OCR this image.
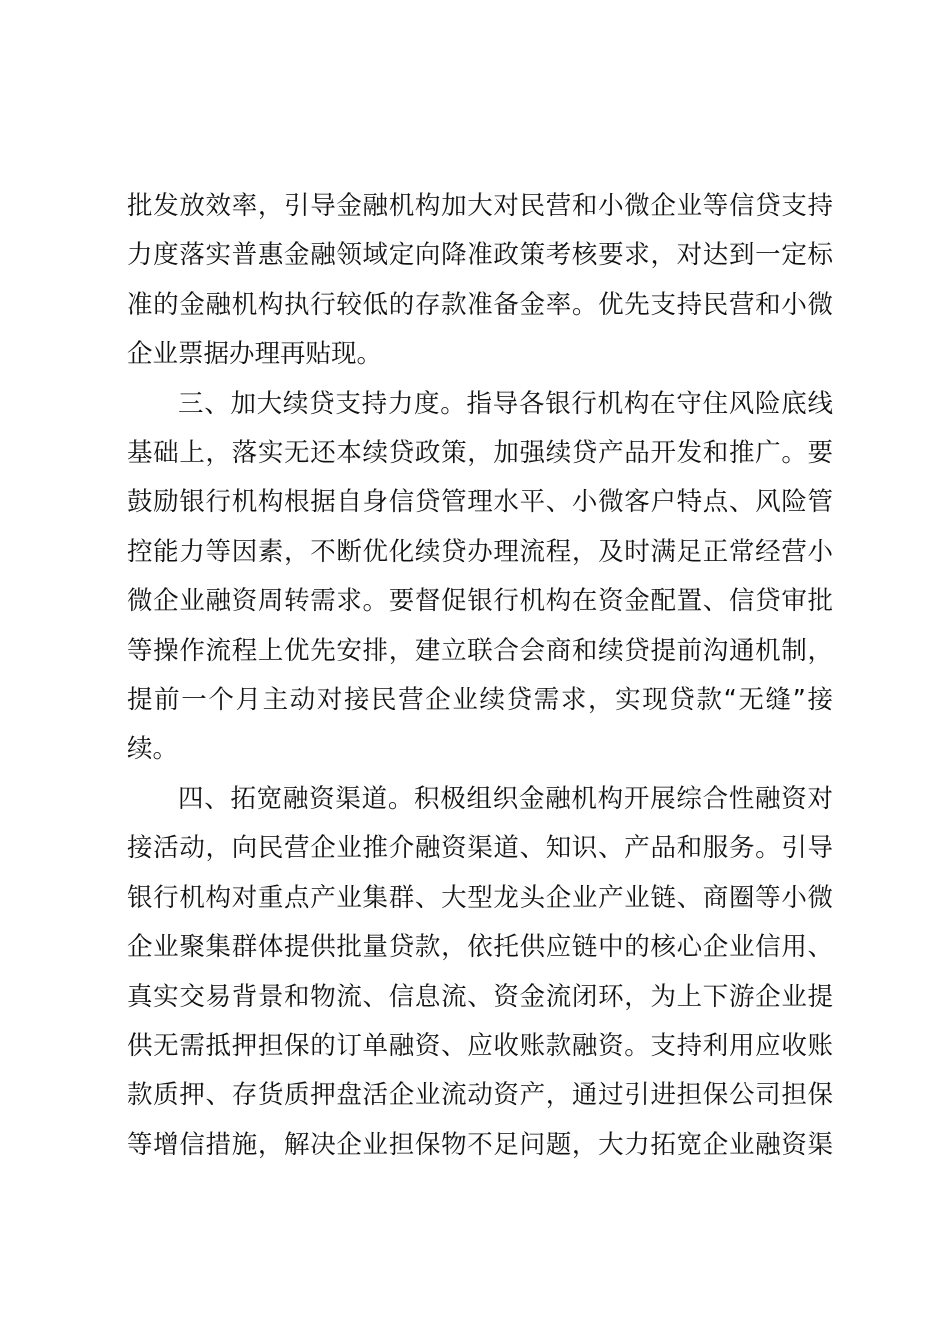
批发放效率，引导金融机构加大对民营和小微企业等信贷支持
力度落实普惠金融领域定向降准政策考核要求，对达到一定标
准的金融机构执行较低的存款准备金率。优先支持民营和小微
企业票据办理再贴现。

三、加大续贷支持力度。指导各银行机构在守住风险底线
基础上，落实无还本续贷政策，加强续贷产品开发和推广。要
鼓励银行机构根据自身信贷管理水平、小微客户特点、风险管
控能力等因素，不断优化续贷办理流程，及时满足正常经营小
微企业融资周转需求。要督促银行机构在资金配置、信贷审批
等操作流程上优先安排，建立联合会商和续贷提前沟通机制，
提前一个月主动对接民营企业续贷需求，实现贷款“无缝”接
续。

四、拓宽融资渠道。积极组织金融机构开展综合性融资对
接活动，向民营企业推介融资渠道、知识、产品和服务。引导
银行机构对重点产业集群、大型龙头企业产业链、商圈等小微
企业聚集群体提供批量贷款，依托供应链中的核心企业信用、
真实交易背景和物流、信息流、资金流闭环，为上下游企业提
供无需抵押担保的订单融资、应收账款融资。支持利用应收账
款质押、存货质押盘活企业流动资产，通过引进担保公司担保
等增信措施，解决企业担保物不足问题，大力拓宽企业融资渠
